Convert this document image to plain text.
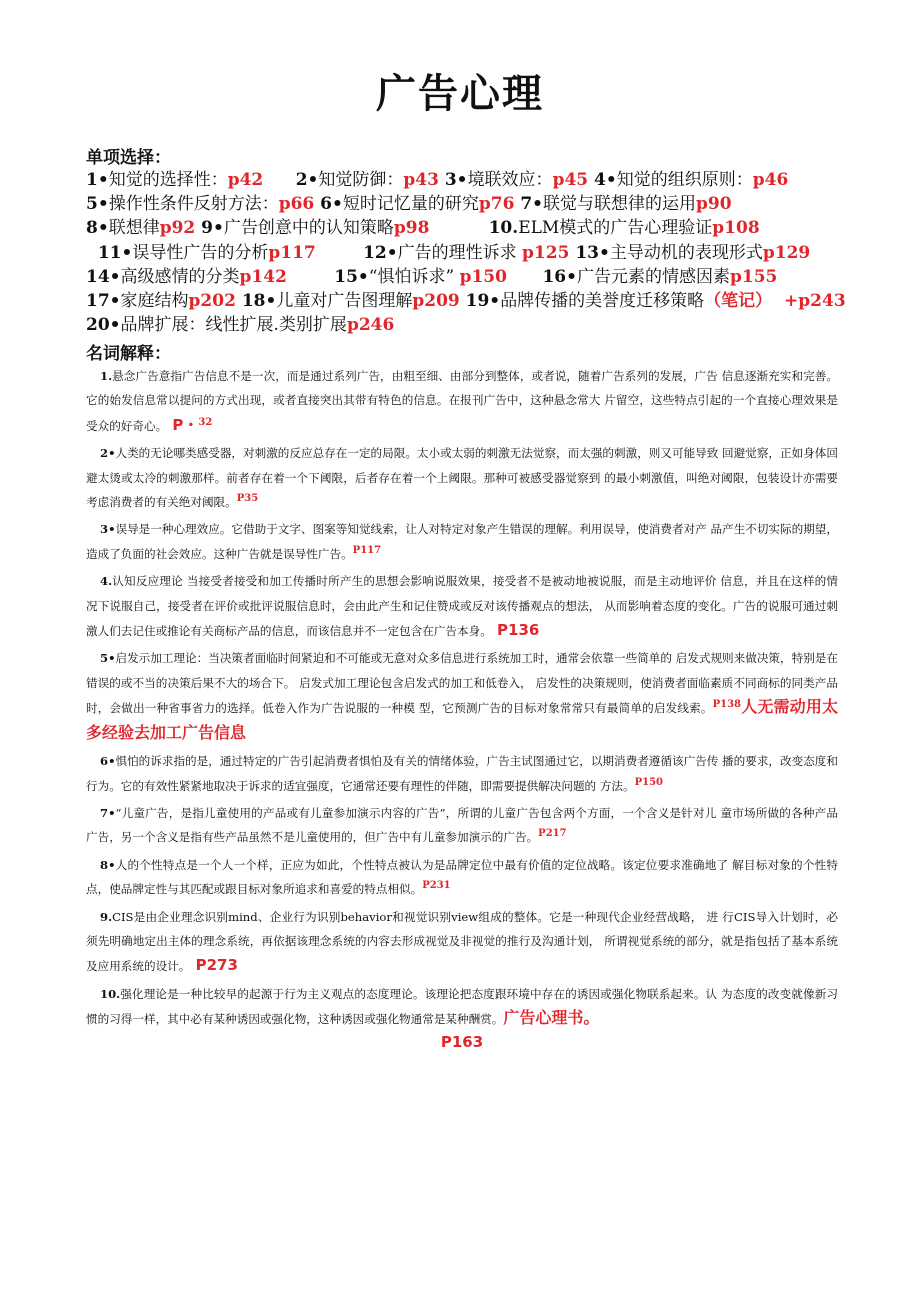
广告心理
单项选择：
1•知觉的选择性：p42 2•知觉防御：p43 3•境联效应：p45 4•知觉的组织原则：p46
5•操作性条件反射方法：p66 6•短时记忆量的研究p76 7•联觉与联想律的运用p90
8•联想律p92 9•广告创意中的认知策略p98          10.ELM模式的广告心理验证p108
11•误导性广告的分析p117        12•广告的理性诉求 p125 13•主导动机的表现形式p129
14•高级感情的分类p142        15•“惧怕诉求” p150      16•广告元素的情感因素p155
17•家庭结构p202 18•儿童对广告图理解p209 19•品牌传播的美誉度迁移策略（笔记）  +p243
20•品牌扩展：线性扩展.类别扩展p246
名词解释：

1.悬念广告意指广告信息不是一次，而是通过系列广告，由粗至细、由部分到整体，或者说，随着广告系列的发展，广告 信息逐渐充实和完善。它的始发信息常以提问的方式出现，或者直接突出其带有特色的信息。在报刊广告中，这种悬念常大 片留空，这些特点引起的一个直接心理效果是受众的好奇心。 P・32

2•人类的无论哪类感受器，对刺激的反应总存在一定的局限。太小或太弱的刺激无法觉察，而太强的刺激，则又可能导致 回避觉察，正如身体回避太烫或太冷的刺激那样。前者存在着一个下阈限，后者存在着一个上阈限。那种可被感受器觉察到 的最小刺激值，叫绝对阈限，包装设计亦需要考虑消费者的有关绝对阈限。P35

3•误导是一种心理效应。它借助于文字、图案等知觉线索，让人对特定对象产生错误的理解。利用误导，使消费者对产 品产生不切实际的期望，造成了负面的社会效应。这种广告就是误导性广告。P117

4.认知反应理论 当接受者接受和加工传播时所产生的思想会影响说服效果，接受者不是被动地被说服，而是主动地评价 信息，并且在这样的情况下说服自己，接受者在评价或批评说服信息时，会由此产生和记住赞成或反对该传播观点的想法， 从而影响着态度的变化。广告的说服可通过刺激人们去记住或推论有关商标产品的信息，而该信息并不一定包含在广告本身。 P136

5•启发示加工理论：当决策者面临时间紧迫和不可能或无意对众多信息进行系统加工时，通常会依靠一些简单的 启发式规则来做决策，特别是在错误的或不当的决策后果不大的场合下。 启发式加工理论包含启发式的加工和低卷入， 启发性的决策规则，使消费者面临素质不同商标的同类产品时，会做出一种省事省力的选择。低卷入作为广告说服的一种模 型，它预测广告的目标对象常常只有最简单的启发线索。P138人无需动用太多经验去加工广告信息

6•惧怕的诉求指的是，通过特定的广告引起消费者惧怕及有关的情绪体验，广告主试图通过它，以期消费者遵循该广告传 播的要求，改变态度和行为。它的有效性紧紧地取决于诉求的适宜强度，它通常还要有理性的伴随，即需要提供解决问题的 方法。P150

7•“儿童广告，是指儿童使用的产品或有儿童参加演示内容的广告”，所谓的儿童广告包含两个方面，一个含义是针对儿 童市场所做的各种产品广告，另一个含义是指有些产品虽然不是儿童使用的，但广告中有儿童参加演示的广告。P217

8•人的个性特点是一个人一个样，正应为如此，个性特点被认为是品牌定位中最有价值的定位战略。该定位要求准确地了 解目标对象的个性特点，使品牌定性与其匹配或跟目标对象所追求和喜爱的特点相似。P231

9.CIS是由企业理念识别mind、企业行为识别behavior和视觉识别view组成的整体。它是一种现代企业经营战略， 进 行CIS导入计划时，必须先明确地定出主体的理念系统，再依据该理念系统的内容去形成视觉及非视觉的推行及沟通计划， 所谓视觉系统的部分，就是指包括了基本系统及应用系统的设计。 P273

10.强化理论是一种比较早的起源于行为主义观点的态度理论。该理论把态度跟环境中存在的诱因或强化物联系起来。认 为态度的改变就像新习惯的习得一样，其中必有某种诱因或强化物，这种诱因或强化物通常是某种酬赏。广告心理书。

P163
